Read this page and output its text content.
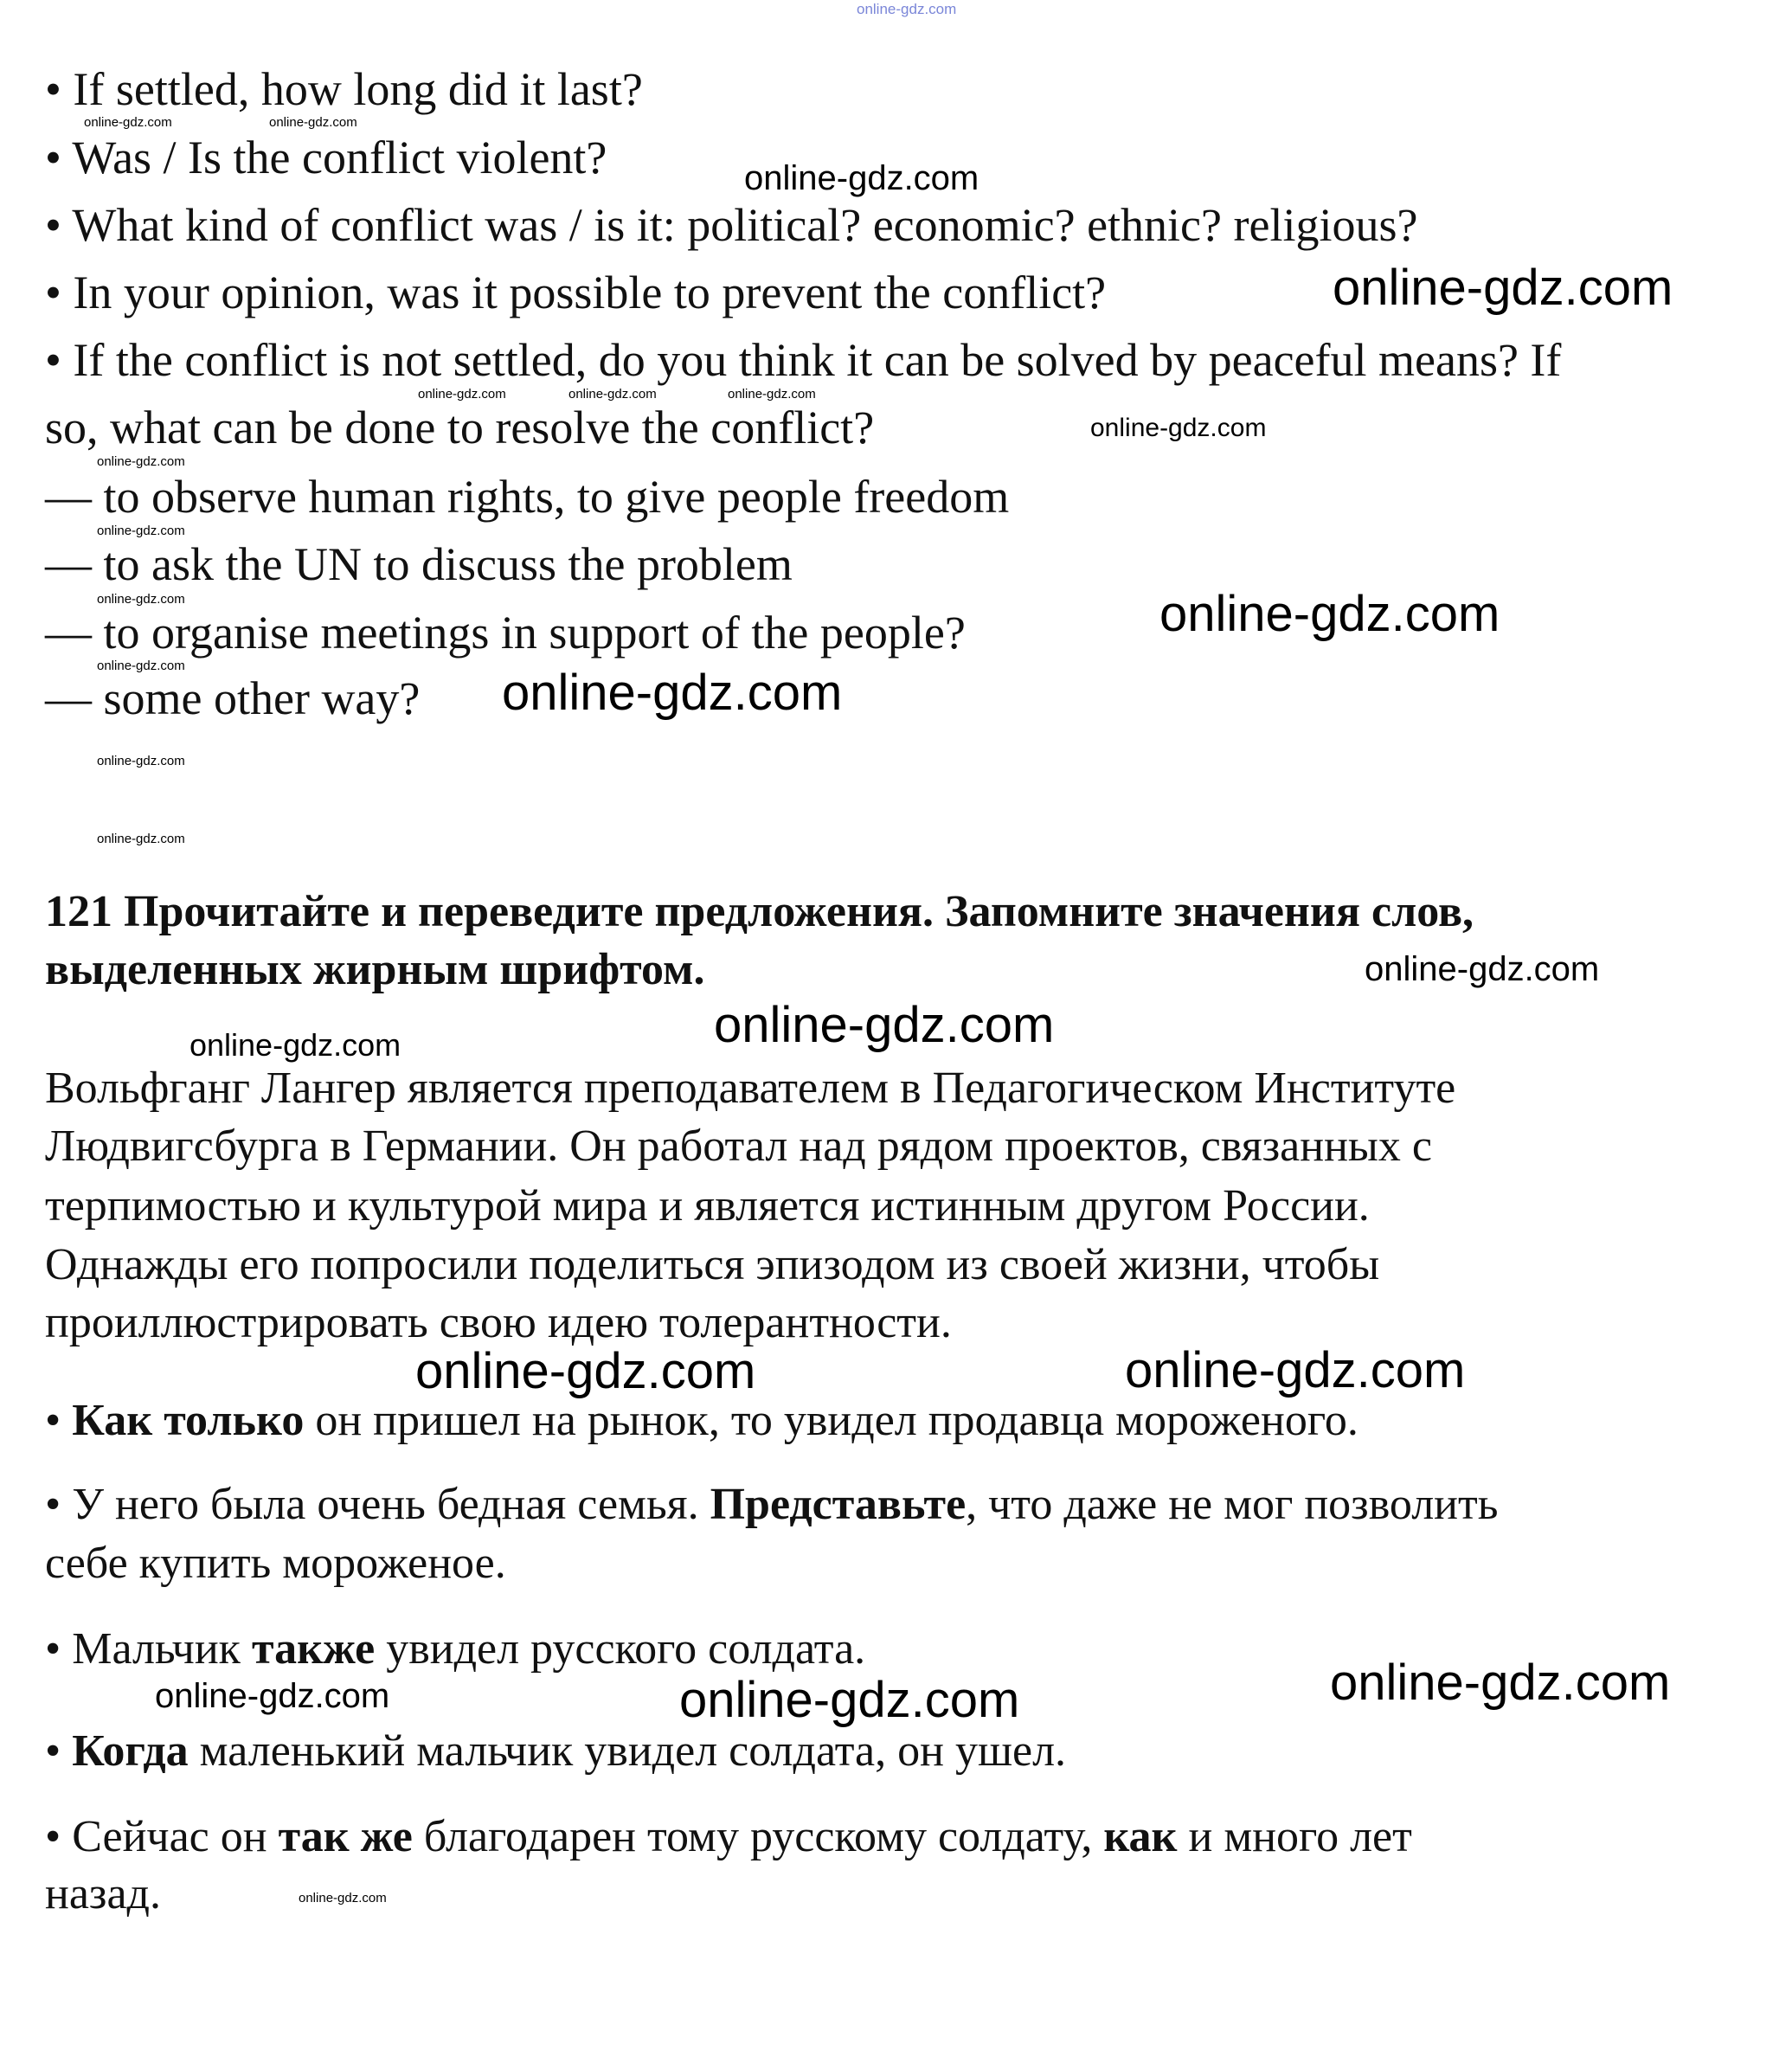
• If settled, how long did it last?
• Was / Is the conflict violent?
• What kind of conflict was / is it: political? economic? ethnic? religious?
• In your opinion, was it possible to prevent the conflict?
• If the conflict is not settled, do you think it can be solved by peaceful means? If
so, what can be done to resolve the conflict?
— to observe human rights, to give people freedom
— to ask the UN to discuss the problem
— to organise meetings in support of the people?
— some other way?
121 Прочитайте и переведите предложения. Запомните значения слов,
выделенных жирным шрифтом.
Вольфганг Лангер является преподавателем в Педагогическом Институте
Людвигсбурга в Германии. Он работал над рядом проектов, связанных с
терпимостью и культурой мира и является истинным другом России.
Однажды его попросили поделиться эпизодом из своей жизни, чтобы
проиллюстрировать свою идею толерантности.
• Как только он пришел на рынок, то увидел продавца мороженого.
• У него была очень бедная семья. Представьте, что даже не мог позволить
себе купить мороженое.
• Мальчик также увидел русского солдата.
• Когда маленький мальчик увидел солдата, он ушел.
• Сейчас он так же благодарен тому русскому солдату, как и много лет
назад.
online-gdz.com
online-gdz.com	online-gdz.com
online-gdz.com
online-gdz.com
online-gdz.com
online-gdz.com	online-gdz.com	online-gdz.com
online-gdz.com
online-gdz.com
online-gdz.com
online-gdz.com
online-gdz.com
online-gdz.com
online-gdz.com
online-gdz.com
online-gdz.com
online-gdz.com
online-gdz.com
online-gdz.com
online-gdz.com
online-gdz.com
online-gdz.com	online-gdz.com
online-gdz.com
